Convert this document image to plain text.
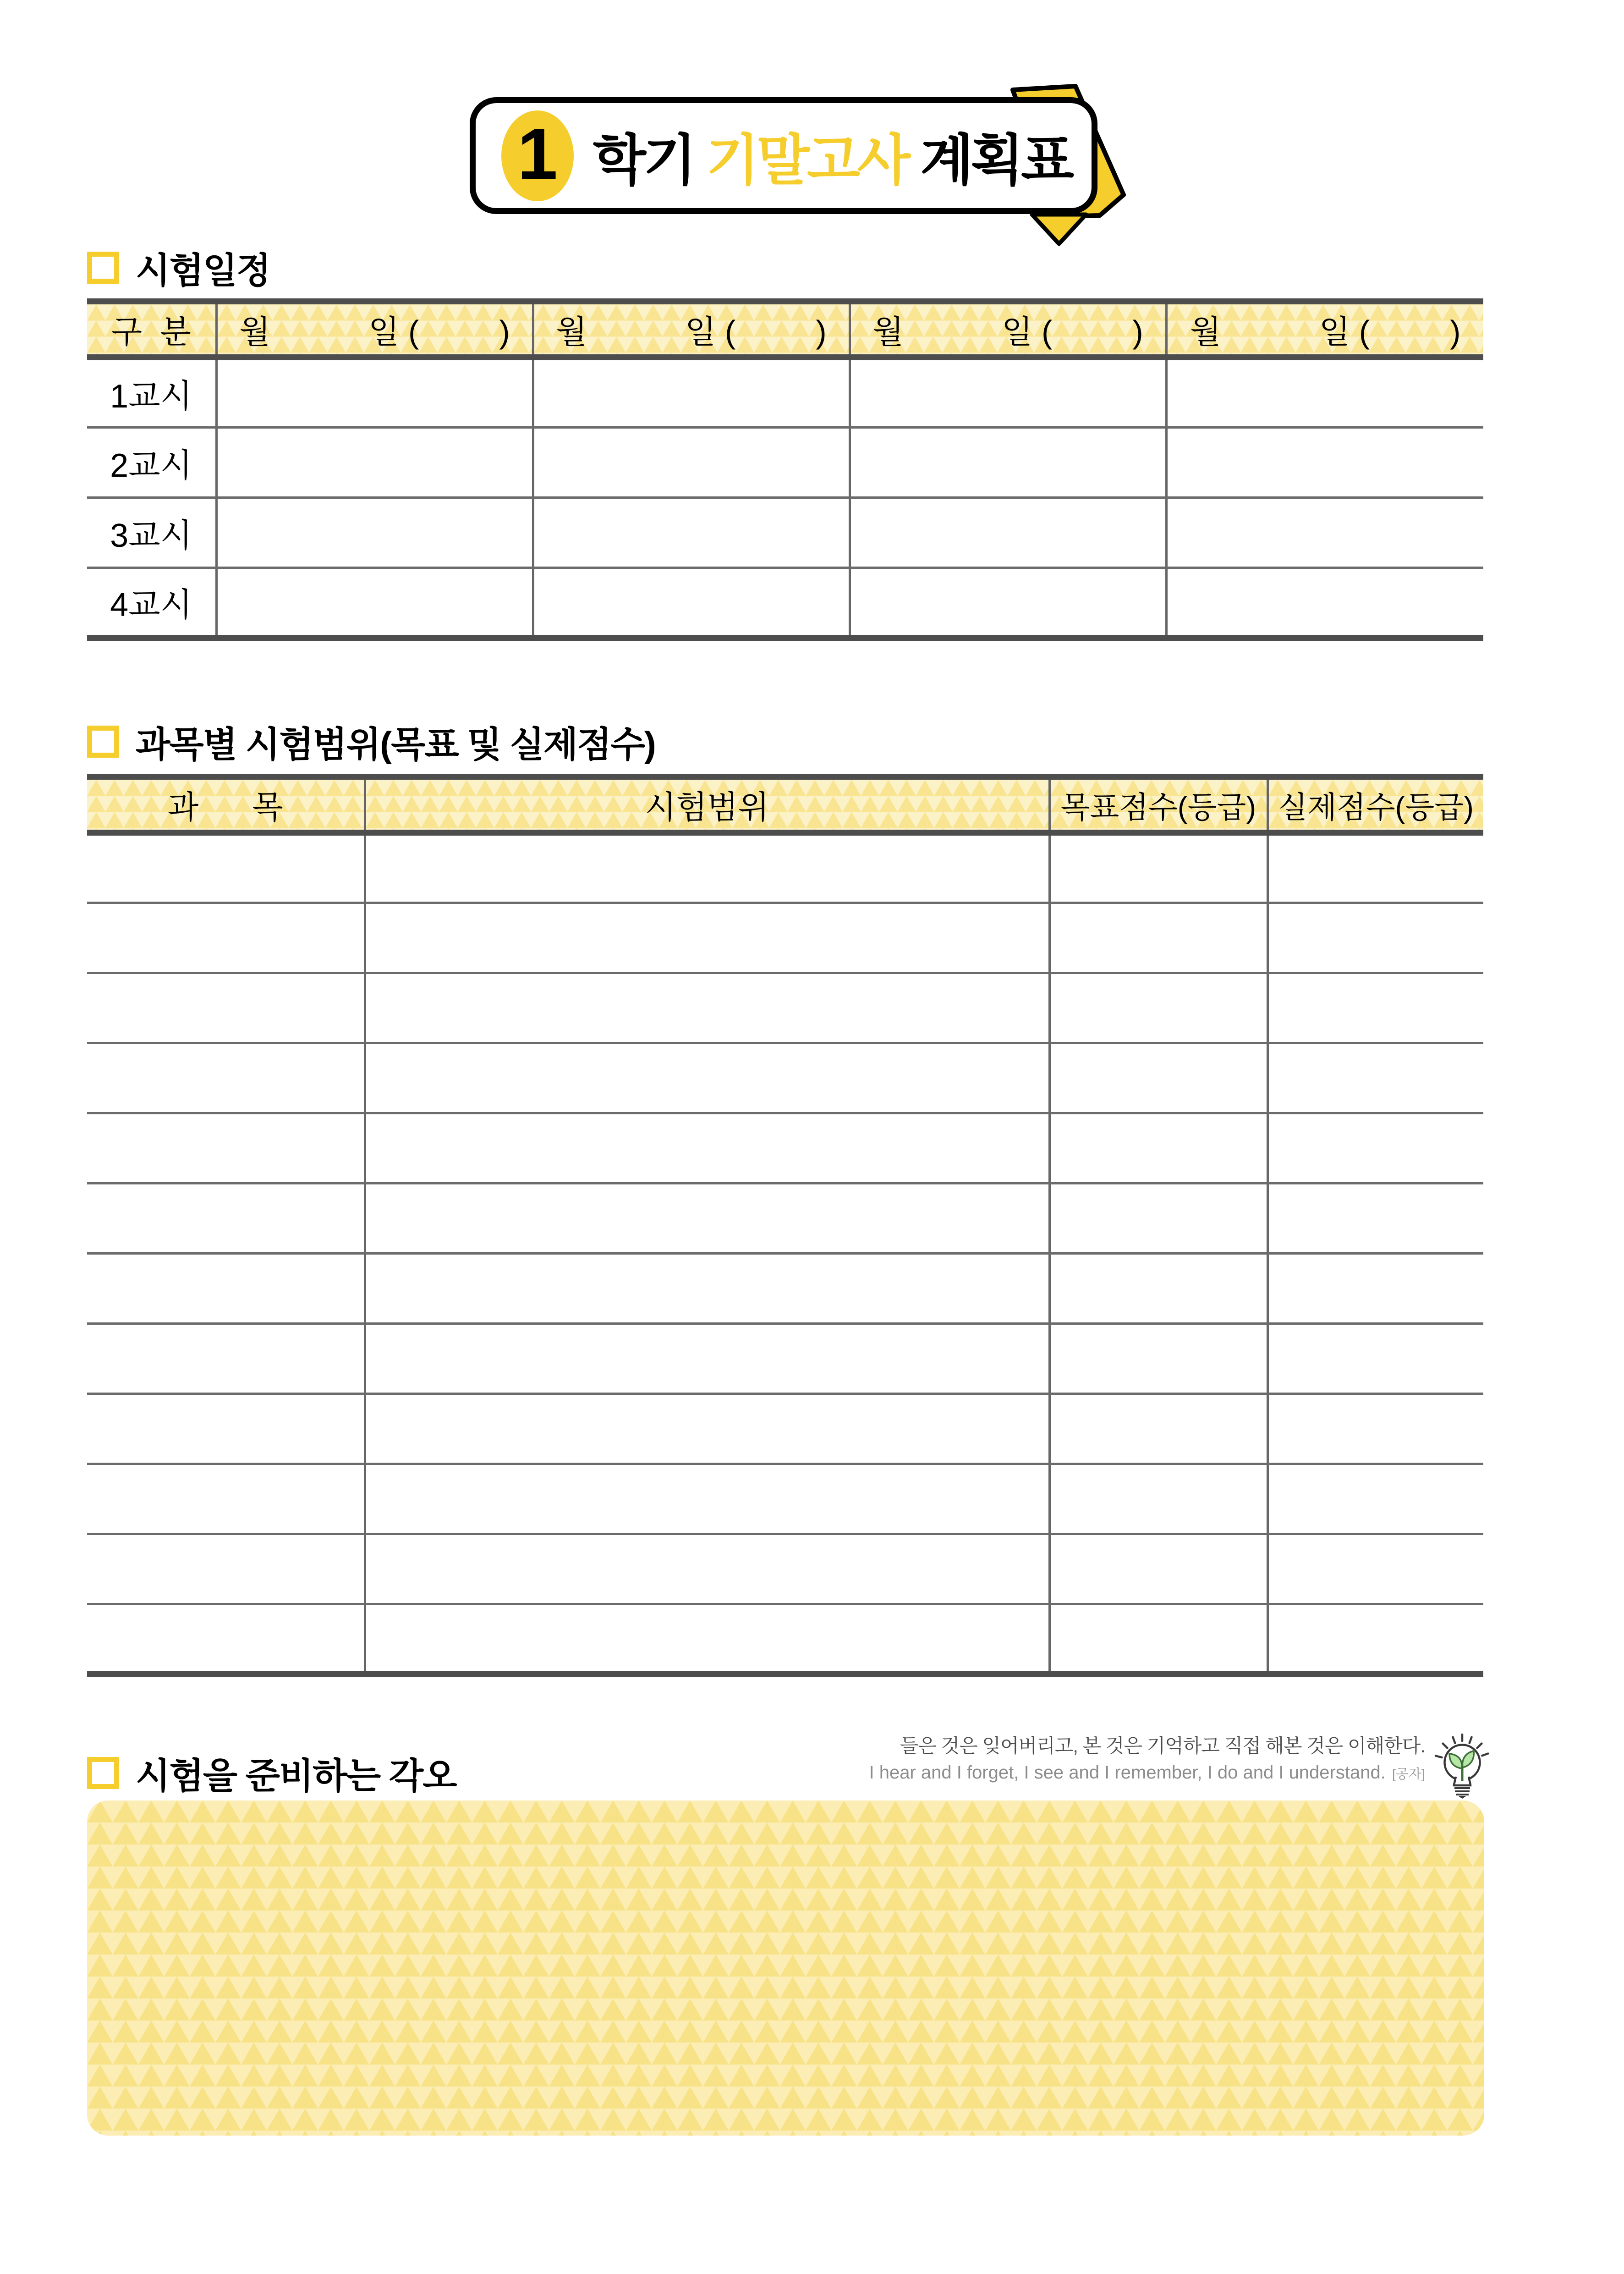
1 학기 기말고사 계획표
시험일정
구  분	월           일 (         )	월           일 (         )	월           일 (         )	월           일 (         )
1교시				
2교시				
3교시				
4교시				
과목별 시험범위(목표 및 실제점수)
과      목	시험범위	목표점수(등급)	실제점수(등급)

시험을 준비하는 각오
들은 것은 잊어버리고, 본 것은 기억하고 직접 해본 것은 이해한다.
I hear and I forget, I see and I remember, I do and I understand. [공자]
